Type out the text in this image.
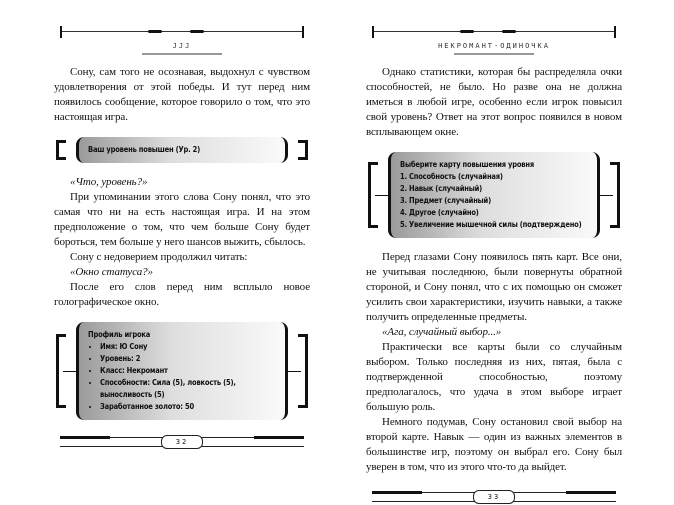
ЈЈЈ

Сону, сам того не осознавая, выдохнул с чувством удовлетворения от этой победы. И тут перед ним появилось сообщение, которое говорило о том, что это настоящая игра.

Ваш уровень повышен (Ур. 2)

«Что, уровень?»

При упоминании этого слова Сону понял, что это самая что ни на есть настоящая игра. И на этом предположение о том, что чем больше Сону будет бороться, тем больше у него шансов выжить, сбылось.

Сону с недоверием продолжил читать:

«Окно статуса?»

После его слов перед ним всплыло новое голографическое окно.

Профиль игрока
• Имя: Ю Сону
• Уровень: 2
• Класс: Некромант
• Способности: Сила (5), ловкость (5), выносливость (5)
• Заработанное золото: 50
32
НЕКРОМАНТ-ОДИНОЧКА

Однако статистики, которая бы распределяла очки способностей, не было. Но разве она не должна иметься в любой игре, особенно если игрок повысил свой уровень? Ответ на этот вопрос появился в новом всплывающем окне.

Выберите карту повышения уровня
1. Способность (случайная)
2. Навык (случайный)
3. Предмет (случайный)
4. Другое (случайно)
5. Увеличение мышечной силы (подтверждено)

Перед глазами Сону появилось пять карт. Все они, не учитывая последнюю, были повернуты обратной стороной, и Сону понял, что с их помощью он сможет усилить свои характеристики, изучить навыки, а также получить определенные предметы.

«Ага, случайный выбор...»

Практически все карты были со случайным выбором. Только последняя из них, пятая, была с подтвержденной способностью, поэтому предполагалось, что удача в этом выборе играет большую роль.

Немного подумав, Сону остановил свой выбор на второй карте. Навык — один из важных элементов в большинстве игр, поэтому он выбрал его. Сону был уверен в том, что из этого что-то да выйдет.

33
